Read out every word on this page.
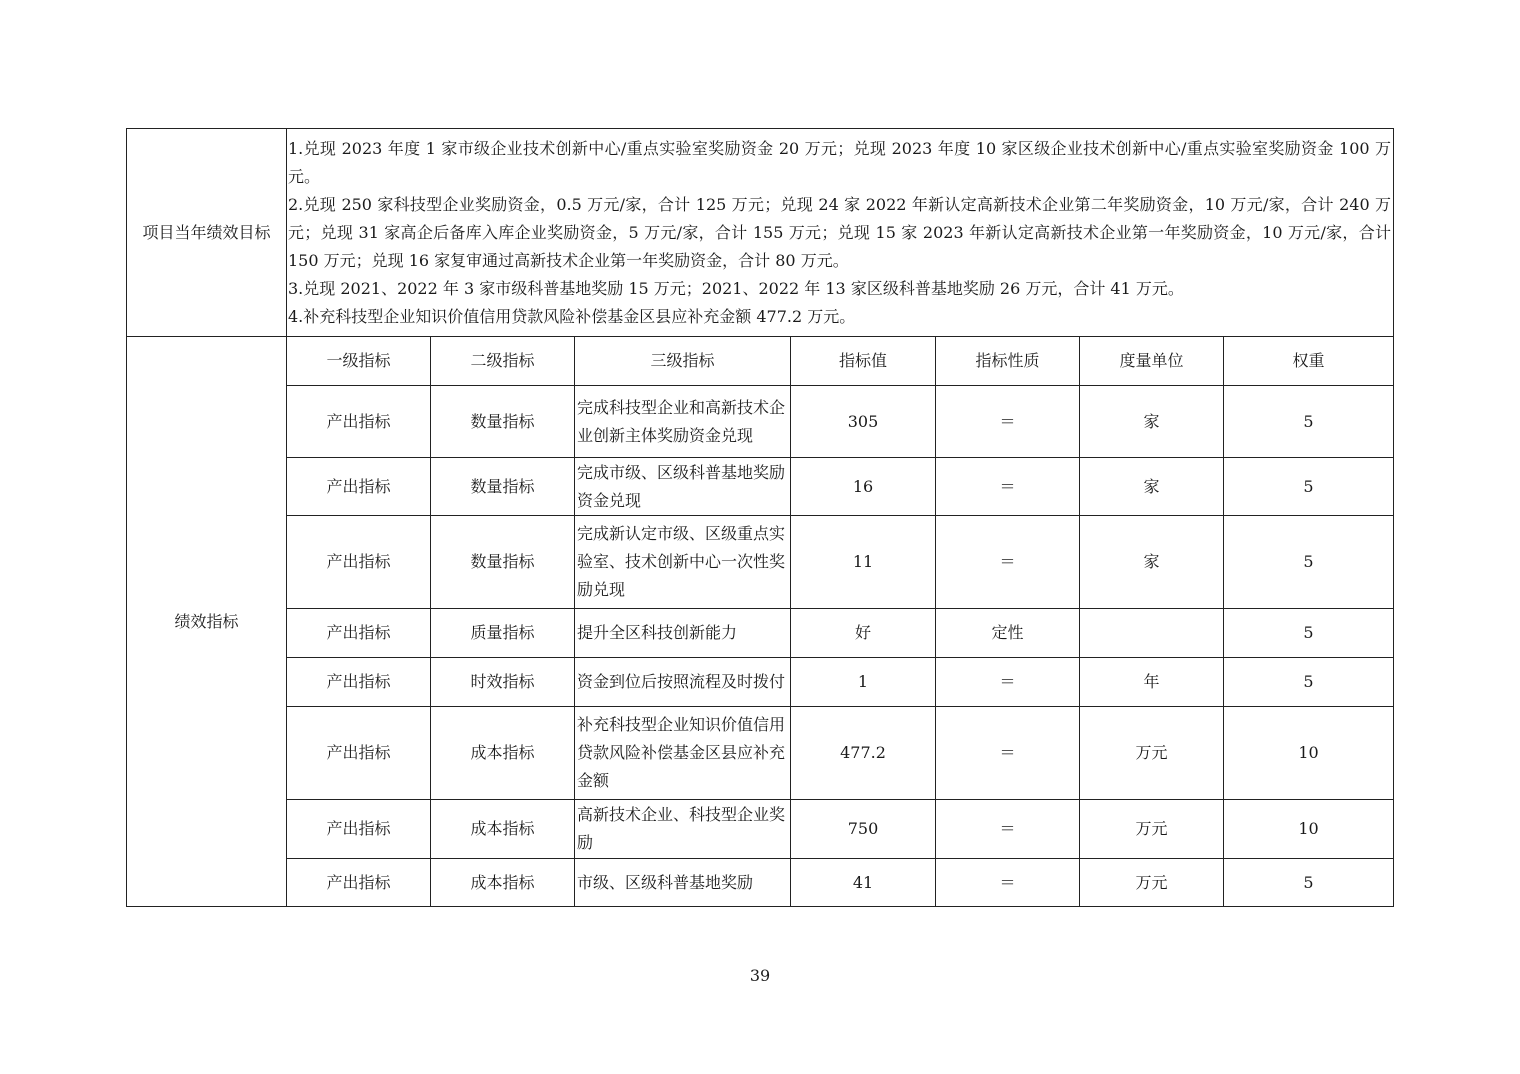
项目当年绩效目标	1.兑现 2023 年度 1 家市级企业技术创新中心/重点实验室奖励资金 20 万元；兑现 2023 年度 10 家区级企业技术创新中心/重点实验室奖励资金 100 万元。

2.兑现 250 家科技型企业奖励资金，0.5 万元/家，合计 125 万元；兑现 24 家 2022 年新认定高新技术企业第二年奖励资金，10 万元/家，合计 240 万元；兑现 31 家高企后备库入库企业奖励资金，5 万元/家，合计 155 万元；兑现 15 家 2023 年新认定高新技术企业第一年奖励资金，10 万元/家，合计 150 万元；兑现 16 家复审通过高新技术企业第一年奖励资金，合计 80 万元。

3.兑现 2021、2022 年 3 家市级科普基地奖励 15 万元；2021、2022 年 13 家区级科普基地奖励 26 万元，合计 41 万元。

4.补充科技型企业知识价值信用贷款风险补偿基金区县应补充金额 477.2 万元。						

绩效指标	一级指标	二级指标	三级指标	指标值	指标性质	度量单位	权重
	产出指标	数量指标	完成科技型企业和高新技术企业创新主体奖励资金兑现	305	＝	家	5
	产出指标	数量指标	完成市级、区级科普基地奖励资金兑现	16	＝	家	5
	产出指标	数量指标	完成新认定市级、区级重点实验室、技术创新中心一次性奖励兑现	11	＝	家	5
	产出指标	质量指标	提升全区科技创新能力	好	定性		5
	产出指标	时效指标	资金到位后按照流程及时拨付	1	＝	年	5
	产出指标	成本指标	补充科技型企业知识价值信用贷款风险补偿基金区县应补充金额	477.2	＝	万元	10
	产出指标	成本指标	高新技术企业、科技型企业奖励	750	＝	万元	10
	产出指标	成本指标	市级、区级科普基地奖励	41	＝	万元	5
39
